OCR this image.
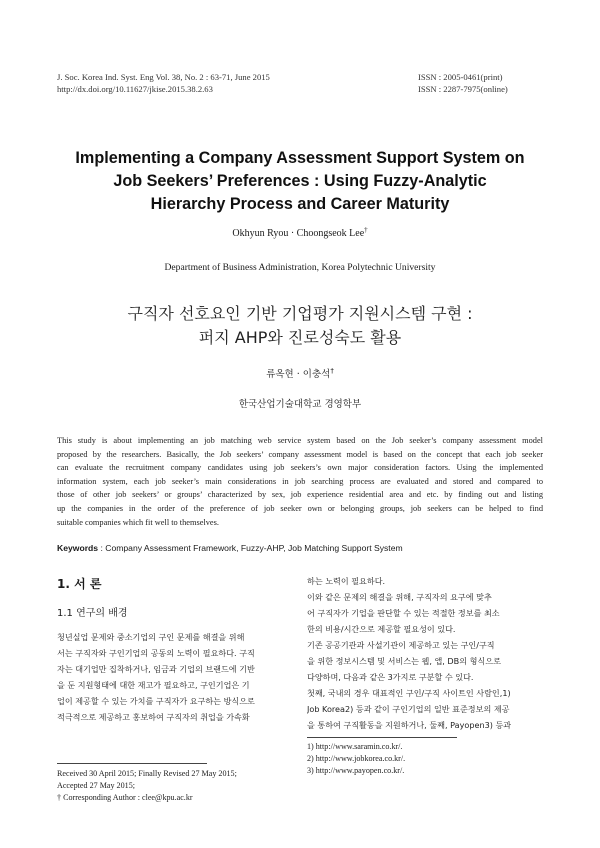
J. Soc. Korea Ind. Syst. Eng Vol. 38, No. 2 : 63-71, June 2015
http://dx.doi.org/10.11627/jkise.2015.38.2.63
ISSN : 2005-0461(print)
ISSN : 2287-7975(online)
Implementing a Company Assessment Support System on
Job Seekers’ Preferences : Using Fuzzy-Analytic
Hierarchy Process and Career Maturity
Okhyun Ryou · Choongseok Lee†
Department of Business Administration, Korea Polytechnic University
구직자 선호요인 기반 기업평가 지원시스템 구현 :
퍼지 AHP와 진로성숙도 활용
류옥현 · 이충석†
한국산업기술대학교 경영학부
This study is about implementing an job matching web service system based on the Job seeker’s company assessment model
proposed by the researchers. Basically, the Job seekers’ company assessment model is based on the concept that each job seeker
can evaluate the recruitment company candidates using job seekers’s own major consideration factors. Using the implemented
information system, each job seeker’s main considerations in job searching process are evaluated and stored and compared to
those of other job seekers’ or groups’ characterized by sex, job experience residential area and etc. by finding out and listing
up the companies in the order of the preference of job seeker own or belonging groups, job seekers can be helped to find
suitable companies which fit well to themselves.
Keywords : Company Assessment Framework, Fuzzy-AHP, Job Matching Support System
1. 서 론
1.1 연구의 배경
청년실업 문제와 중소기업의 구인 문제를 해결을 위해
서는 구직자와 구인기업의 공동의 노력이 필요하다. 구직
자는 대기업만 집착하거나, 임금과 기업의 브랜드에 기반
을 둔 지원형태에 대한 재고가 필요하고, 구인기업은 기
업이 제공할 수 있는 가치를 구직자가 요구하는 방식으로
적극적으로 제공하고 홍보하여 구직자의 취업을 가속화
하는 노력이 필요하다.
이와 같은 문제의 해결을 위해, 구직자의 요구에 맞추
어 구직자가 기업을 판단할 수 있는 적절한 정보를 최소
한의 비용/시간으로 제공할 필요성이 있다.
기존 공공기관과 사설기관이 제공하고 있는 구인/구직
을 위한 정보시스템 및 서비스는 웹, 앱, DB의 형식으로
다양하며, 다음과 같은 3가지로 구분할 수 있다.
첫째, 국내의 경우 대표적인 구인/구직 사이트인 사람인,1)
Job Korea2) 등과 같이 구인기업의 일반 표준정보의 제공
을 통하여 구직활동을 지원하거나, 둘째, Payopen3) 등과
Received 30 April 2015; Finally Revised 27 May 2015;
Accepted 27 May 2015;
† Corresponding Author : clee@kpu.ac.kr
1) http://www.saramin.co.kr/.
2) http://www.jobkorea.co.kr/.
3) http://www.payopen.co.kr/.
